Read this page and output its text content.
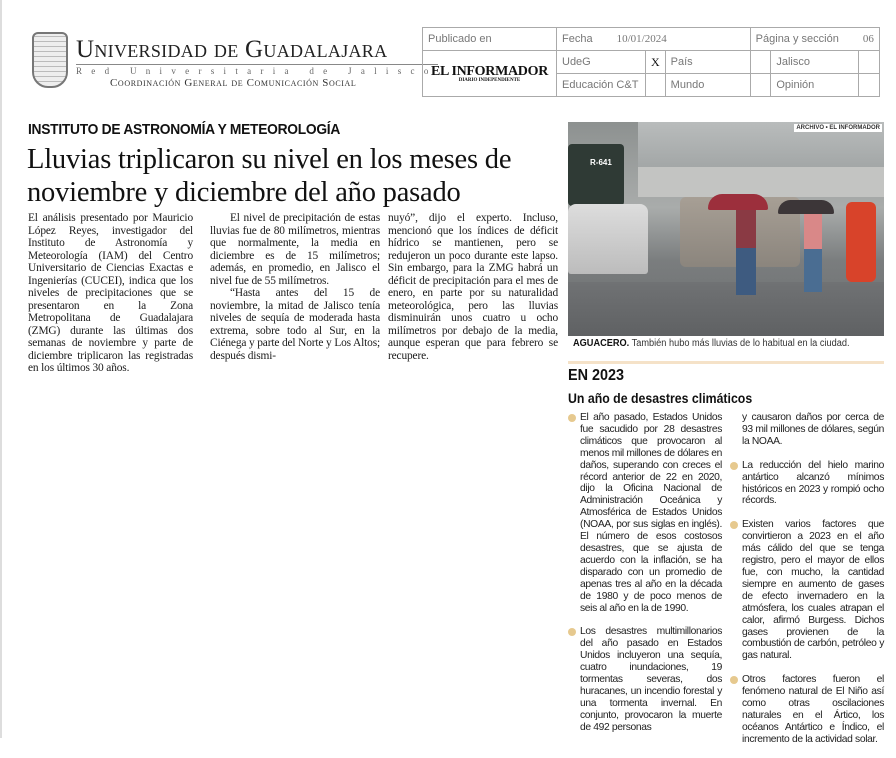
Universidad de Guadalajara
Red Universitaria de Jalisco
Coordinación General de Comunicación Social
Publicado en	Fecha 10/01/2024			Página y sección 06		

EL INFORMADOR
DIARIO INDEPENDIENTE	UdeG	X	País		Jalisco	
	Educación C&T		Mundo		Opinión	
INSTITUTO DE ASTRONOMÍA Y METEOROLOGÍA
Lluvias triplicaron su nivel en los meses de noviembre y diciembre del año pasado

El análisis presentado por Mauricio López Reyes, investigador del Instituto de Astronomía y Meteorología (IAM) del Centro Universitario de Ciencias Exactas e Ingenierías (CUCEI), indica que los niveles de precipitaciones que se presentaron en la Zona Metropolitana de Guadalajara (ZMG) durante las últimas dos semanas de noviembre y parte de diciembre triplicaron las registradas en los últimos 30 años.

El nivel de precipitación de estas lluvias fue de 80 milímetros, mientras que normalmente, la media en diciembre es de 15 milímetros; además, en promedio, en Jalisco el nivel fue de 55 milímetros.

“Hasta antes del 15 de noviembre, la mitad de Jalisco tenía niveles de sequía de moderada hasta extrema, sobre todo al Sur, en la Ciénega y parte del Norte y Los Altos; después dismi-

nuyó”, dijo el experto. Incluso, mencionó que los índices de déficit hídrico se mantienen, pero se redujeron un poco durante este lapso. Sin embargo, para la ZMG habrá un déficit de precipitación para el mes de enero, en parte por su naturalidad meteorológica, pero las lluvias disminuirán unos cuatro u ocho milímetros por debajo de la media, aunque esperan que para febrero se recupere.

R-641
ARCHIVO • EL INFORMADOR
AGUACERO. También hubo más lluvias de lo habitual en la ciudad.
EN 2023
Un año de desastres climáticos
El año pasado, Estados Unidos fue sacudido por 28 desastres climáticos que provocaron al menos mil millones de dólares en daños, superando con creces el récord anterior de 22 en 2020, dijo la Oficina Nacional de Administración Oceánica y Atmosférica de Estados Unidos (NOAA, por sus siglas en inglés). El número de esos costosos desastres, que se ajusta de acuerdo con la inflación, se ha disparado con un promedio de apenas tres al año en la década de 1980 y de poco menos de seis al año en la de 1990.
Los desastres multimillonarios del año pasado en Estados Unidos incluyeron una sequía, cuatro inundaciones, 19 tormentas severas, dos huracanes, un incendio forestal y una tormenta invernal. En conjunto, provocaron la muerte de 492 personas
y causaron daños por cerca de 93 mil millones de dólares, según la NOAA.
La reducción del hielo marino antártico alcanzó mínimos históricos en 2023 y rompió ocho récords.
Existen varios factores que convirtieron a 2023 en el año más cálido del que se tenga registro, pero el mayor de ellos fue, con mucho, la cantidad siempre en aumento de gases de efecto invernadero en la atmósfera, los cuales atrapan el calor, afirmó Burgess. Dichos gases provienen de la combustión de carbón, petróleo y gas natural.
Otros factores fueron el fenómeno natural de El Niño así como otras oscilaciones naturales en el Ártico, los océanos Antártico e Índico, el incremento de la actividad solar.
